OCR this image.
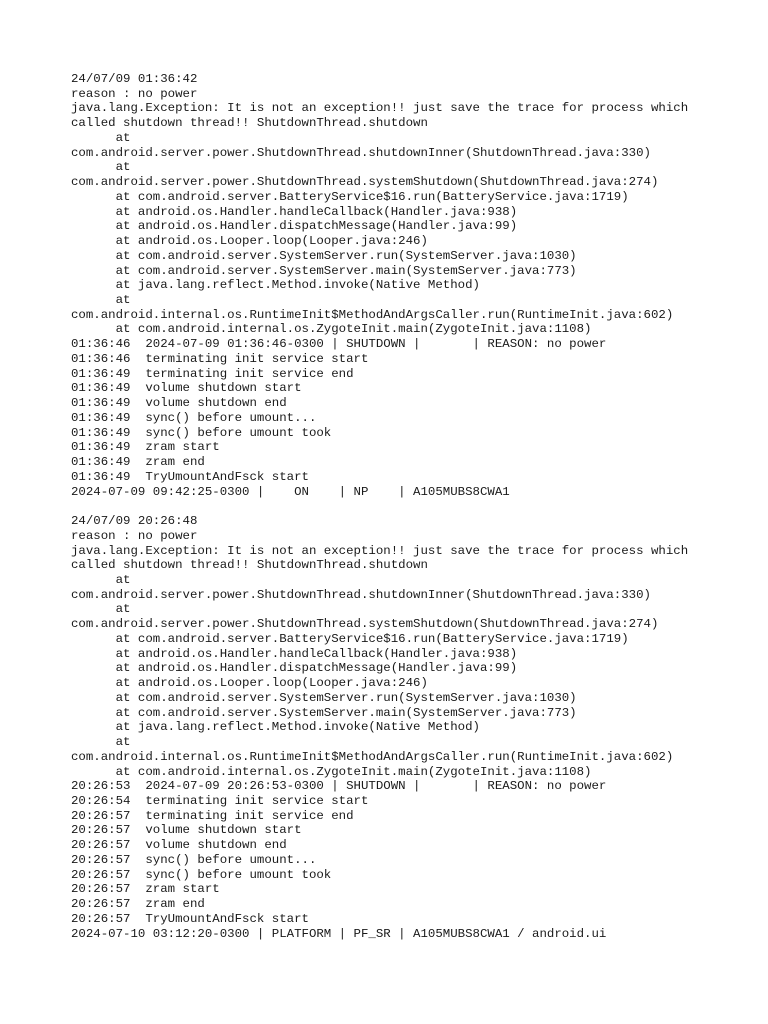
24/07/09 01:36:42
reason : no power
java.lang.Exception: It is not an exception!! just save the trace for process which
called shutdown thread!! ShutdownThread.shutdown
at
com.android.server.power.ShutdownThread.shutdownInner(ShutdownThread.java:330)
at
com.android.server.power.ShutdownThread.systemShutdown(ShutdownThread.java:274)
at com.android.server.BatteryService$16.run(BatteryService.java:1719)
at android.os.Handler.handleCallback(Handler.java:938)
at android.os.Handler.dispatchMessage(Handler.java:99)
at android.os.Looper.loop(Looper.java:246)
at com.android.server.SystemServer.run(SystemServer.java:1030)
at com.android.server.SystemServer.main(SystemServer.java:773)
at java.lang.reflect.Method.invoke(Native Method)
at
com.android.internal.os.RuntimeInit$MethodAndArgsCaller.run(RuntimeInit.java:602)
at com.android.internal.os.ZygoteInit.main(ZygoteInit.java:1108)
01:36:46  2024-07-09 01:36:46-0300 | SHUTDOWN |       | REASON: no power
01:36:46  terminating init service start
01:36:49  terminating init service end
01:36:49  volume shutdown start
01:36:49  volume shutdown end
01:36:49  sync() before umount...
01:36:49  sync() before umount took
01:36:49  zram start
01:36:49  zram end
01:36:49  TryUmountAndFsck start
2024-07-09 09:42:25-0300 |    ON    | NP    | A105MUBS8CWA1
24/07/09 20:26:48
reason : no power
java.lang.Exception: It is not an exception!! just save the trace for process which
called shutdown thread!! ShutdownThread.shutdown
at
com.android.server.power.ShutdownThread.shutdownInner(ShutdownThread.java:330)
at
com.android.server.power.ShutdownThread.systemShutdown(ShutdownThread.java:274)
at com.android.server.BatteryService$16.run(BatteryService.java:1719)
at android.os.Handler.handleCallback(Handler.java:938)
at android.os.Handler.dispatchMessage(Handler.java:99)
at android.os.Looper.loop(Looper.java:246)
at com.android.server.SystemServer.run(SystemServer.java:1030)
at com.android.server.SystemServer.main(SystemServer.java:773)
at java.lang.reflect.Method.invoke(Native Method)
at
com.android.internal.os.RuntimeInit$MethodAndArgsCaller.run(RuntimeInit.java:602)
at com.android.internal.os.ZygoteInit.main(ZygoteInit.java:1108)
20:26:53  2024-07-09 20:26:53-0300 | SHUTDOWN |       | REASON: no power
20:26:54  terminating init service start
20:26:57  terminating init service end
20:26:57  volume shutdown start
20:26:57  volume shutdown end
20:26:57  sync() before umount...
20:26:57  sync() before umount took
20:26:57  zram start
20:26:57  zram end
20:26:57  TryUmountAndFsck start
2024-07-10 03:12:20-0300 | PLATFORM | PF_SR | A105MUBS8CWA1 / android.ui
